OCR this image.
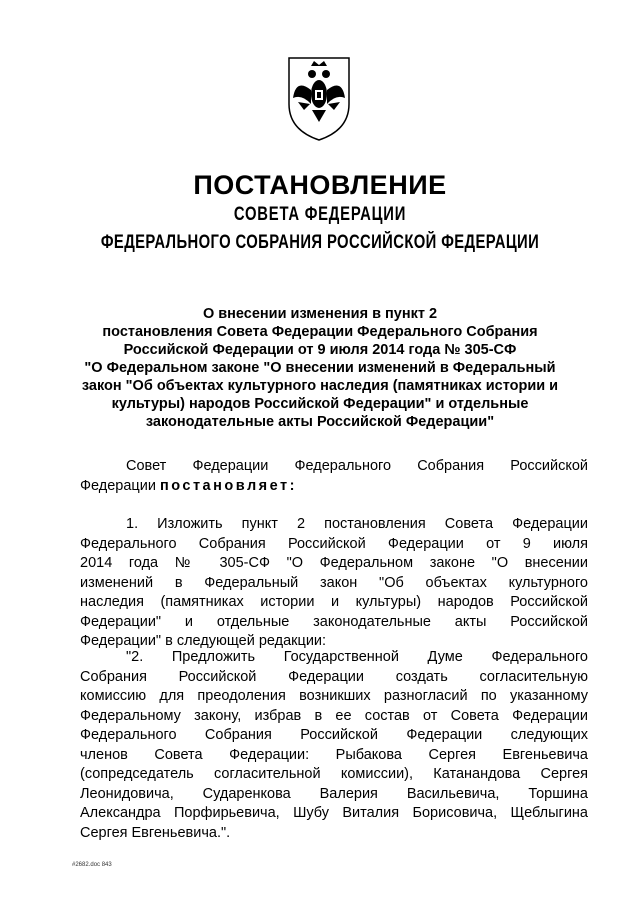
ПОСТАНОВЛЕНИЕ
СОВЕТА ФЕДЕРАЦИИ
ФЕДЕРАЛЬНОГО СОБРАНИЯ РОССИЙСКОЙ ФЕДЕРАЦИИ
О внесении изменения в пункт 2
постановления Совета Федерации Федерального Собрания
Российской Федерации от 9 июля 2014 года № 305-СФ
"О Федеральном законе "О внесении изменений в Федеральный
закон "Об объектах культурного наследия (памятниках истории и
культуры) народов Российской Федерации" и отдельные
законодательные акты Российской Федерации"
Совет Федерации Федерального Собрания Российской
Федерации постановляет:
1. Изложить пункт 2 постановления Совета Федерации
Федерального Собрания Российской Федерации от 9 июля
2014 года № 305-СФ "О Федеральном законе "О внесении
изменений в Федеральный закон "Об объектах культурного
наследия (памятниках истории и культуры) народов Российской
Федерации" и отдельные законодательные акты Российской
Федерации" в следующей редакции:
"2. Предложить Государственной Думе Федерального
Собрания Российской Федерации создать согласительную
комиссию для преодоления возникших разногласий по указанному
Федеральному закону, избрав в ее состав от Совета Федерации
Федерального Собрания Российской Федерации следующих
членов Совета Федерации: Рыбакова Сергея Евгеньевича
(сопредседатель согласительной комиссии), Катанандова Сергея
Леонидовича, Сударенкова Валерия Васильевича, Торшина
Александра Порфирьевича, Шубу Виталия Борисовича, Щеблыгина
Сергея Евгеньевича.".
#2682.doc 843
